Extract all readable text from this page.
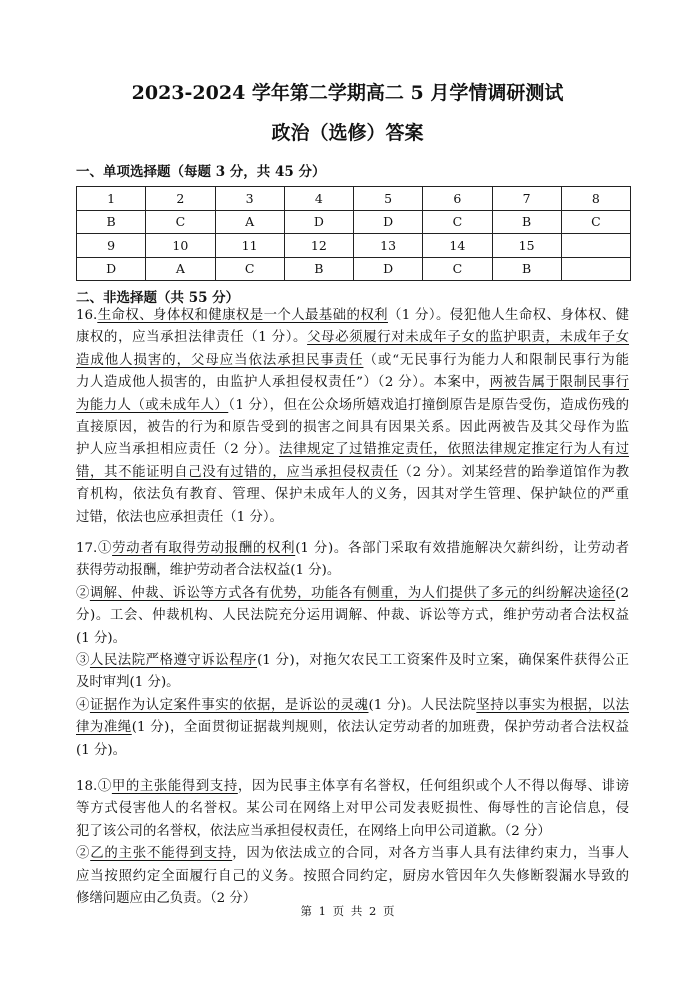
2023-2024 学年第二学期高二 5 月学情调研测试
政治（选修）答案
一、单项选择题（每题 3 分，共 45 分）
1	2	3	4	5	6	7	8
B	C	A	D	D	C	B	C
9	10	11	12	13	14	15	
D	A	C	B	D	C	B	
二、非选择题（共 55 分）
16.生命权、身体权和健康权是一个人最基础的权利（1 分）。侵犯他人生命权、身体权、健
康权的，应当承担法律责任（1 分）。父母必须履行对未成年子女的监护职责，未成年子女
造成他人损害的，父母应当依法承担民事责任（或“无民事行为能力人和限制民事行为能
力人造成他人损害的，由监护人承担侵权责任”）（2 分）。本案中，两被告属于限制民事行
为能力人（或未成年人）（1 分），但在公众场所嬉戏追打撞倒原告是原告受伤，造成伤残的
直接原因，被告的行为和原告受到的损害之间具有因果关系。因此两被告及其父母作为监
护人应当承担相应责任（2 分）。法律规定了过错推定责任，依照法律规定推定行为人有过
错，其不能证明自己没有过错的，应当承担侵权责任（2 分）。刘某经营的跆拳道馆作为教
育机构，依法负有教育、管理、保护未成年人的义务，因其对学生管理、保护缺位的严重
过错，依法也应承担责任（1 分）。
17.①劳动者有取得劳动报酬的权利(1 分)。各部门采取有效措施解决欠薪纠纷，让劳动者
获得劳动报酬，维护劳动者合法权益(1 分)。
②调解、仲裁、诉讼等方式各有优势，功能各有侧重，为人们提供了多元的纠纷解决途径(2
分)。工会、仲裁机构、人民法院充分运用调解、仲裁、诉讼等方式，维护劳动者合法权益
(1 分)。
③人民法院严格遵守诉讼程序(1 分)，对拖欠农民工工资案件及时立案，确保案件获得公正
及时审判(1 分)。
④证据作为认定案件事实的依据，是诉讼的灵魂(1 分)。人民法院坚持以事实为根据，以法
律为准绳(1 分)，全面贯彻证据裁判规则，依法认定劳动者的加班费，保护劳动者合法权益
(1 分)。
18.①甲的主张能得到支持，因为民事主体享有名誉权，任何组织或个人不得以侮辱、诽谤
等方式侵害他人的名誉权。某公司在网络上对甲公司发表贬损性、侮辱性的言论信息，侵
犯了该公司的名誉权，依法应当承担侵权责任，在网络上向甲公司道歉。（2 分）
②乙的主张不能得到支持，因为依法成立的合同，对各方当事人具有法律约束力，当事人
应当按照约定全面履行自己的义务。按照合同约定，厨房水管因年久失修断裂漏水导致的
修缮问题应由乙负责。（2 分）
第 1 页 共 2 页
